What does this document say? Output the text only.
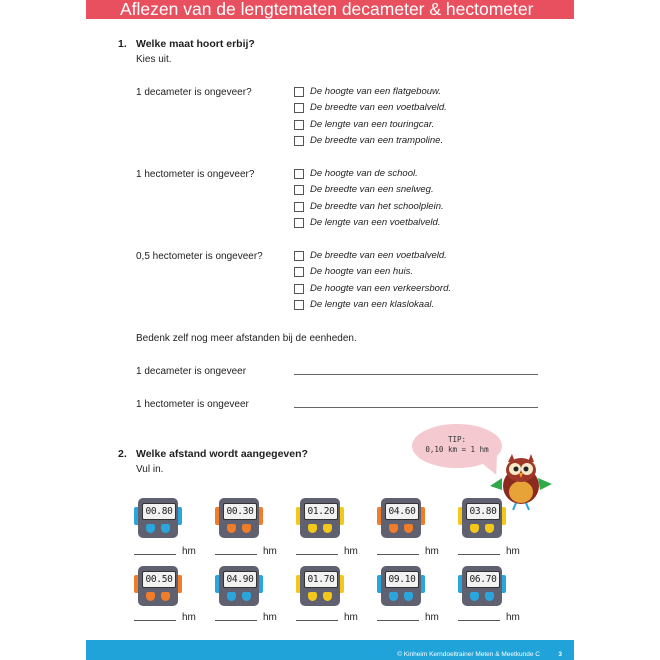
Aflezen van de lengtematen decameter & hectometer
1. Welke maat hoort erbij?
Kies uit.
1 decameter is ongeveer?	De hoogte van een flatgebouw.
De breedte van een voetbalveld.
De lengte van een touringcar.
De breedte van een trampoline.
1 hectometer is ongeveer?	De hoogte van de school.
De breedte van een snelweg.
De breedte van het schoolplein.
De lengte van een voetbalveld.
0,5 hectometer is ongeveer?	De breedte van een voetbalveld.
De hoogte van een huis.
De hoogte van een verkeersbord.
De lengte van een klaslokaal.
Bedenk zelf nog meer afstanden bij de eenheden.
1 decameter is ongeveer
1 hectometer is ongeveer
2. Welke afstand wordt aangegeven?
Vul in.
TIP:
0,10 km = 1 hm
00.80
hm
00.30
hm
01.20
hm
04.60
hm
03.80
hm
00.50
hm
04.90
hm
01.70
hm
09.10
hm
06.70
hm
© Kinheim Kerndoeltrainer Meten & Meetkunde C	3
